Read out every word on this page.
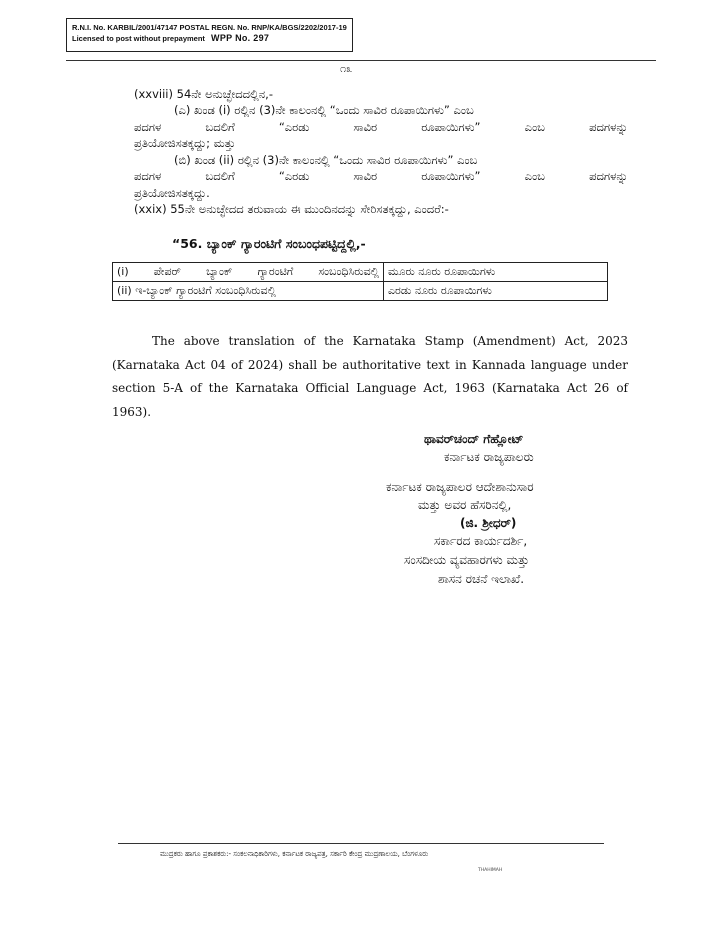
R.N.I. No. KARBIL/2001/47147 POSTAL REGN. No. RNP/KA/BGS/2202/2017-19
Licensed to post without prepayment WPP No. 297
೧೩
(xxviii) 54ನೇ ಅನುಚ್ಛೇದದಲ್ಲಿನ,-
(ಎ) ಖಂಡ (i) ರಲ್ಲಿನ (3)ನೇ ಕಾಲಂನಲ್ಲಿ “ಒಂದು ಸಾವಿರ ರೂಪಾಯಿಗಳು” ಎಂಬ
ಪದಗಳ ಬದಲಿಗೆ “ಎರಡು ಸಾವಿರ ರೂಪಾಯಿಗಳು” ಎಂಬ ಪದಗಳನ್ನು
ಪ್ರತಿಯೋಜಿಸತಕ್ಕದ್ದು; ಮತ್ತು
(ಬಿ) ಖಂಡ (ii) ರಲ್ಲಿನ (3)ನೇ ಕಾಲಂನಲ್ಲಿ “ಒಂದು ಸಾವಿರ ರೂಪಾಯಿಗಳು” ಎಂಬ
ಪದಗಳ ಬದಲಿಗೆ “ಎರಡು ಸಾವಿರ ರೂಪಾಯಿಗಳು” ಎಂಬ ಪದಗಳನ್ನು
ಪ್ರತಿಯೋಜಿಸತಕ್ಕದ್ದು.
(xxix) 55ನೇ ಅನುಚ್ಛೇದದ ತರುವಾಯ ಈ ಮುಂದಿನದನ್ನು ಸೇರಿಸತಕ್ಕದ್ದು, ಎಂದರೆ:-
“56. ಬ್ಯಾಂಕ್ ಗ್ಯಾರಂಟಿಗೆ ಸಂಬಂಧಪಟ್ಟಿದ್ದಲ್ಲಿ,-
(i) ಪೇಪರ್ ಬ್ಯಾಂಕ್ ಗ್ಯಾರಂಟಿಗೆ ಸಂಬಂಧಿಸಿರುವಲ್ಲಿ	ಮೂರು ನೂರು ರೂಪಾಯಿಗಳು
(ii) ಇ-ಬ್ಯಾಂಕ್ ಗ್ಯಾರಂಟಿಗೆ ಸಂಬಂಧಿಸಿರುವಲ್ಲಿ	ಎರಡು ನೂರು ರೂಪಾಯಿಗಳು
The above translation of the Karnataka Stamp (Amendment) Act, 2023 (Karnataka Act 04 of 2024) shall be authoritative text in Kannada language under section 5-A of the Karnataka Official Language Act, 1963 (Karnataka Act 26 of 1963).
ಥಾವರ್‌ಚಂದ್ ಗೆಹ್ಲೋಟ್
ಕರ್ನಾಟಕ ರಾಜ್ಯಪಾಲರು
ಕರ್ನಾಟಕ ರಾಜ್ಯಪಾಲರ ಆದೇಶಾನುಸಾರ
ಮತ್ತು ಅವರ ಹೆಸರಿನಲ್ಲಿ,
(ಜಿ. ಶ್ರೀಧರ್)
ಸರ್ಕಾರದ ಕಾರ್ಯದರ್ಶಿ,
ಸಂಸದೀಯ ವ್ಯವಹಾರಗಳು ಮತ್ತು
ಶಾಸನ ರಚನೆ ಇಲಾಖೆ.
ಮುದ್ರಕರು ಹಾಗೂ ಪ್ರಕಾಶಕರು:- ಸಂಕಲನಾಧಿಕಾರಿಗಳು, ಕರ್ನಾಟಕ ರಾಜ್ಯಪತ್ರ, ಸರ್ಕಾರಿ ಕೇಂದ್ರ ಮುದ್ರಣಾಲಯ, ಬೆಂಗಳೂರು
THAHIMAH
